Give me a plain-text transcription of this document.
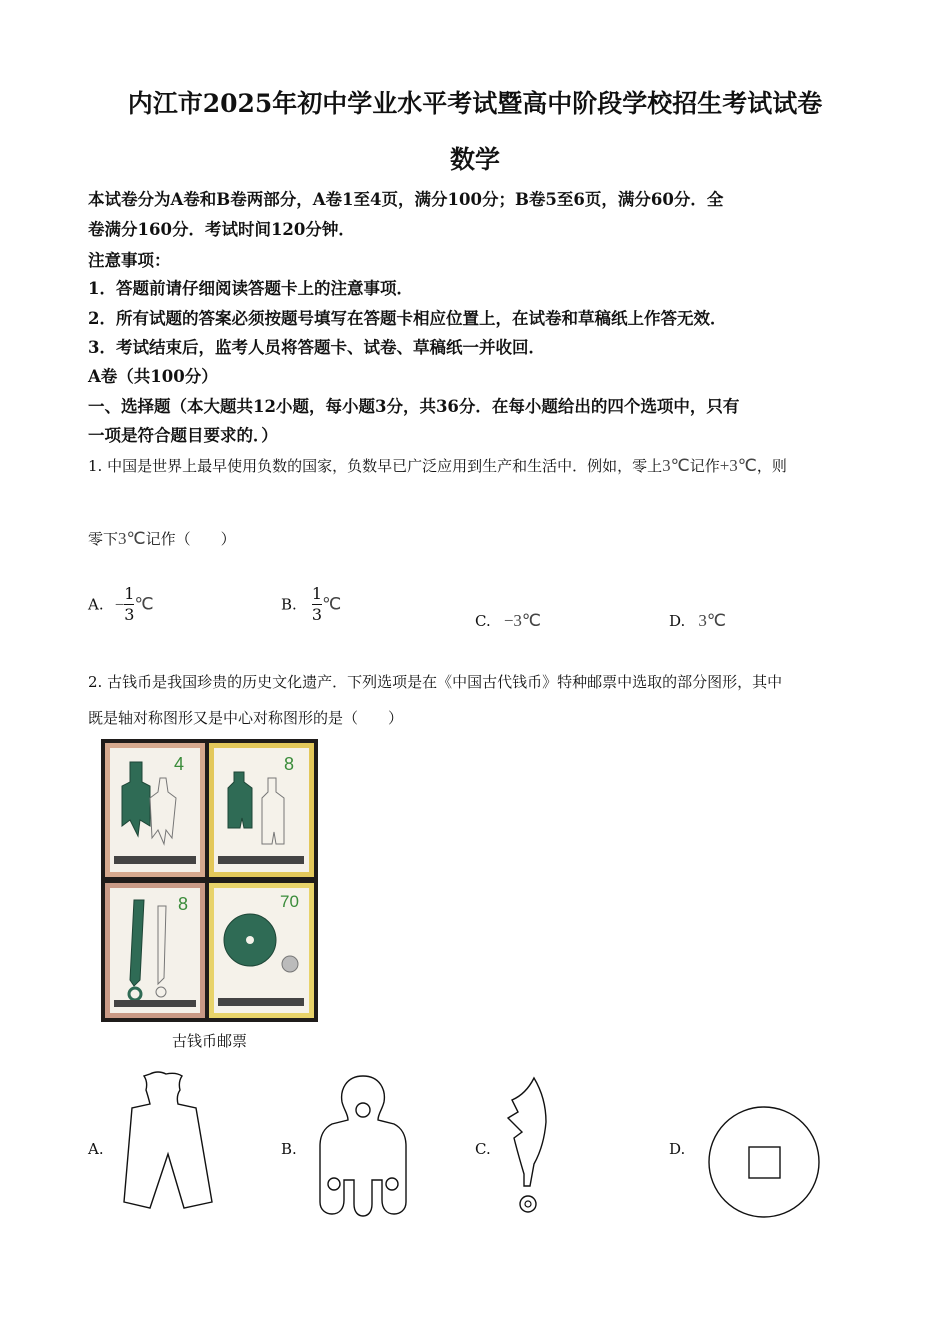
内江市2025年初中学业水平考试暨高中阶段学校招生考试试卷
数学
本试卷分为A卷和B卷两部分，A卷1至4页，满分100分；B卷5至6页，满分60分．全
卷满分160分．考试时间120分钟．
注意事项：
1．答题前请仔细阅读答题卡上的注意事项．
2．所有试题的答案必须按题号填写在答题卡相应位置上，在试卷和草稿纸上作答无效．
3．考试结束后，监考人员将答题卡、试卷、草稿纸一并收回．
A卷（共100分）
一、选择题（本大题共12小题，每小题3分，共36分．在每小题给出的四个选项中，只有
一项是符合题目要求的．）
1. 中国是世界上最早使用负数的国家，负数早已广泛应用到生产和生活中．例如，零上3℃记作+3℃，则
零下3℃记作（　　）
A. − $\frac{1}{3}$ ℃	B. $\frac{1}{3}$ ℃
C. −3℃	D. 3℃
2. 古钱币是我国珍贵的历史文化遗产．下列选项是在《中国古代钱币》特种邮票中选取的部分图形，其中
既是轴对称图形又是中心对称图形的是（　　）
4	8
8	70
古钱币邮票
A.	B.	C.	D.
